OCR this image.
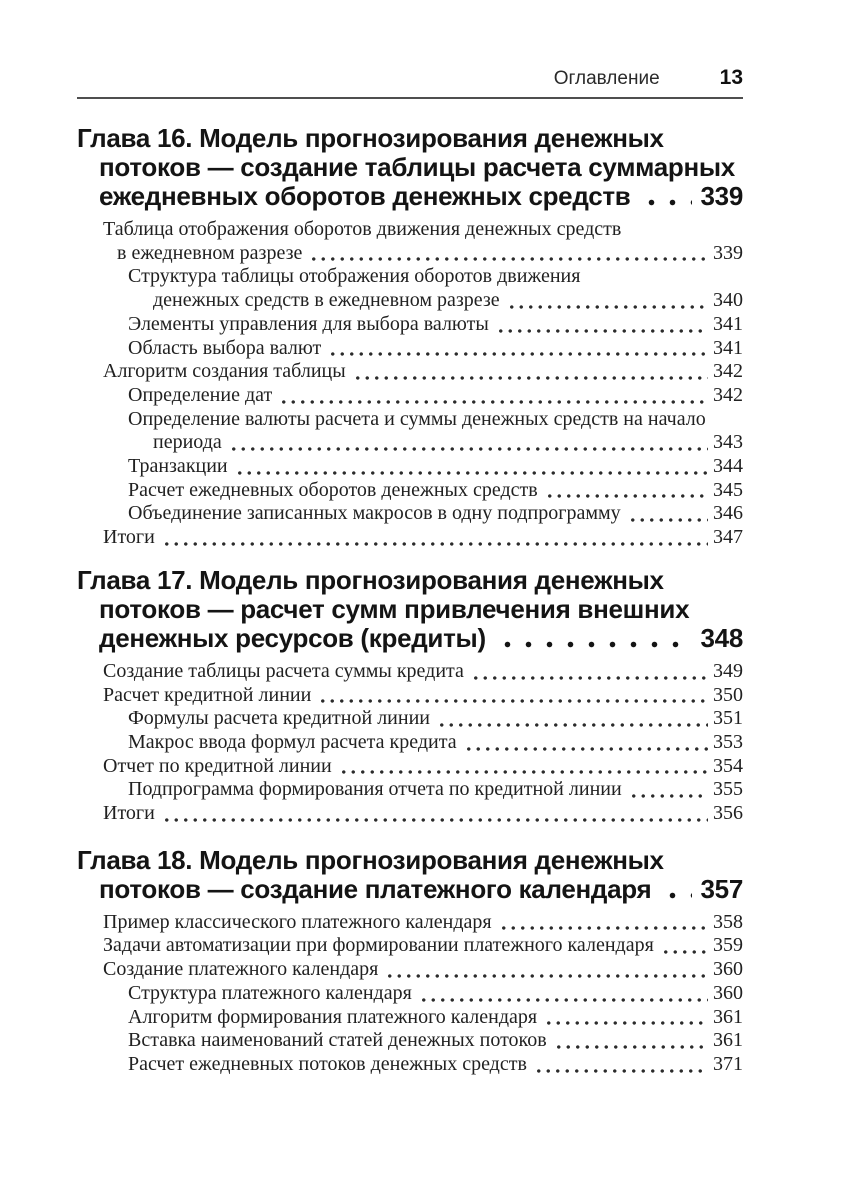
Оглавление	13
Глава 16. Модель прогнозирования денежных
потоков — создание таблицы расчета суммарных
ежедневных оборотов денежных средств	339
Таблица отображения оборотов движения денежных средств
в ежедневном разрезе	339
Структура таблицы отображения оборотов движения
денежных средств в ежедневном разрезе	340
Элементы управления для выбора валюты	341
Область выбора валют	341
Алгоритм создания таблицы	342
Определение дат	342
Определение валюты расчета и суммы денежных средств на начало
периода	343
Транзакции	344
Расчет ежедневных оборотов денежных средств	345
Объединение записанных макросов в одну подпрограмму	346
Итоги	347
Глава 17. Модель прогнозирования денежных
потоков — расчет сумм привлечения внешних
денежных ресурсов (кредиты)	348
Создание таблицы расчета суммы кредита	349
Расчет кредитной линии	350
Формулы расчета кредитной линии	351
Макрос ввода формул расчета кредита	353
Отчет по кредитной линии	354
Подпрограмма формирования отчета по кредитной линии	355
Итоги	356
Глава 18. Модель прогнозирования денежных
потоков — создание платежного календаря 357
Пример классического платежного календаря	358
Задачи автоматизации при формировании платежного календаря	359
Создание платежного календаря	360
Структура платежного календаря	360
Алгоритм формирования платежного календаря	361
Вставка наименований статей денежных потоков	361
Расчет ежедневных потоков денежных средств	371
